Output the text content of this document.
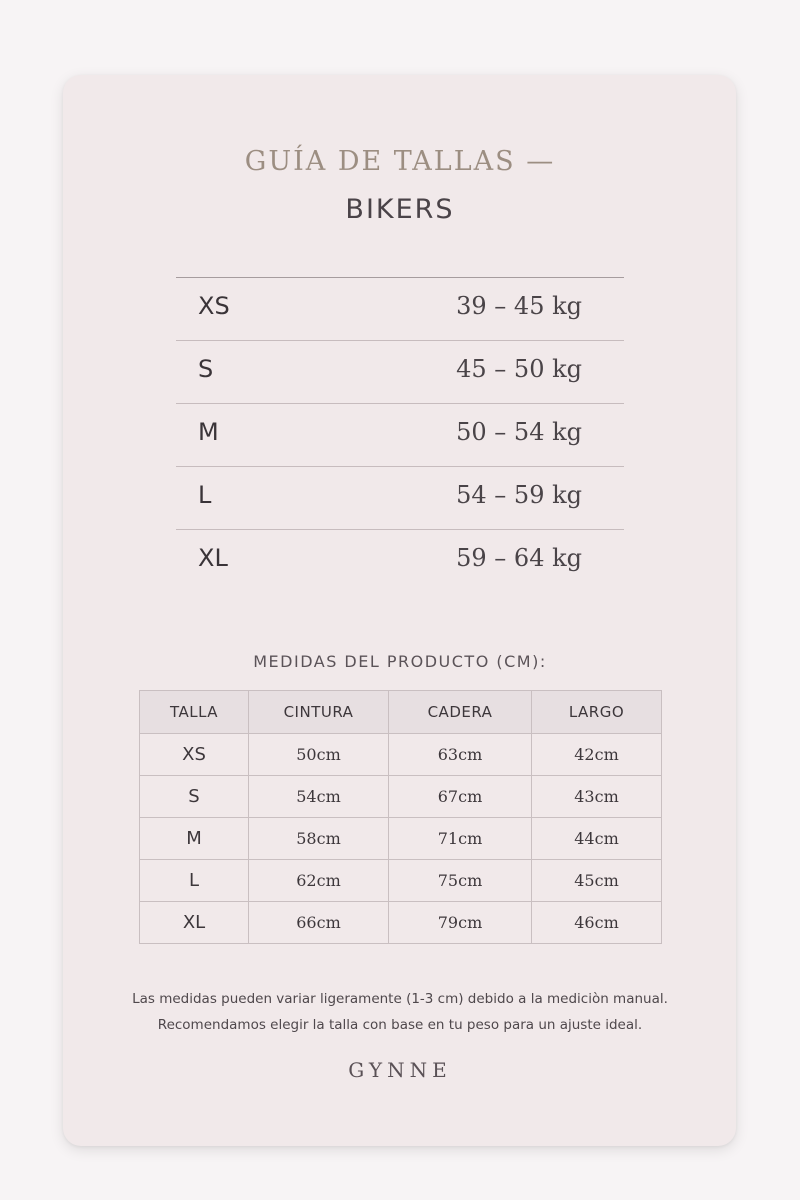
GUÍA DE TALLAS —
BIKERS
XS	39 – 45 kg
S	45 – 50 kg
M	50 – 54 kg
L	54 – 59 kg
XL	59 – 64 kg
MEDIDAS DEL PRODUCTO (CM):
TALLA	CINTURA	CADERA	LARGO
XS	50cm	63cm	42cm
S	54cm	67cm	43cm
M	58cm	71cm	44cm
L	62cm	75cm	45cm
XL	66cm	79cm	46cm
Las medidas pueden variar ligeramente (1-3 cm) debido a la mediciòn manual.
Recomendamos elegir la talla con base en tu peso para un ajuste ideal.
GYNNE
